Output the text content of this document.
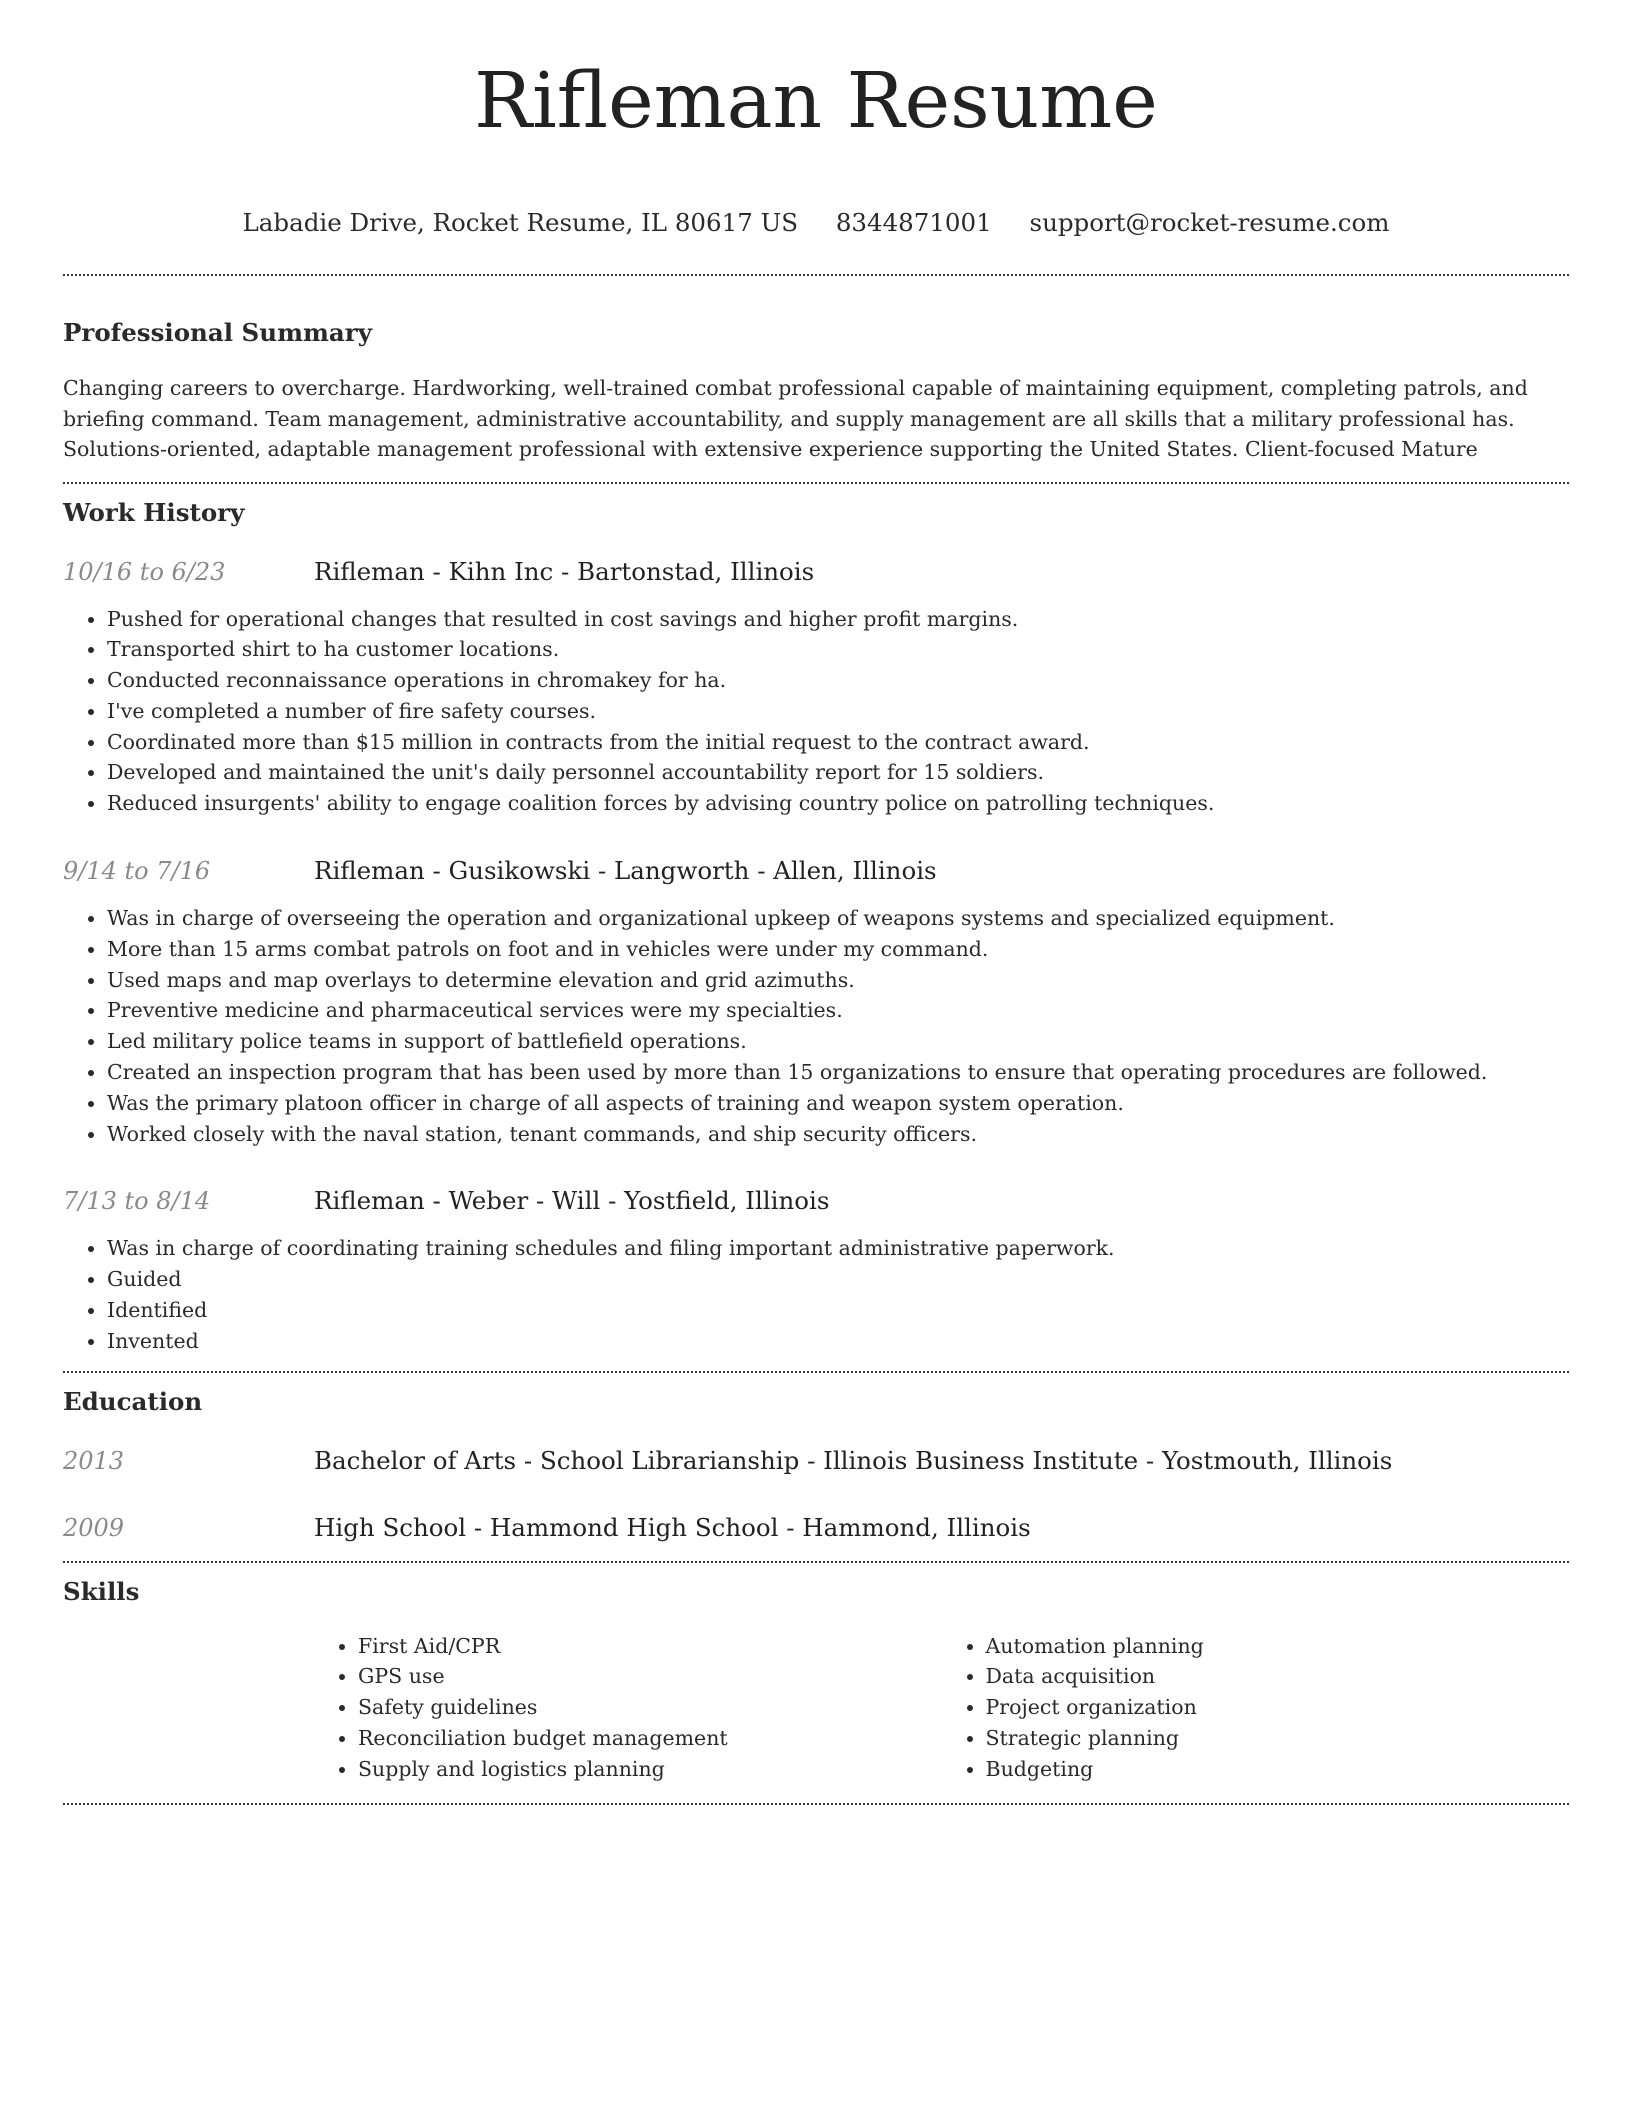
Rifleman Resume
Labadie Drive, Rocket Resume, IL 80617 US 8344871001 support@rocket-resume.com
Professional Summary

Changing careers to overcharge. Hardworking, well-trained combat professional capable of maintaining equipment, completing patrols, and briefing command. Team management, administrative accountability, and supply management are all skills that a military professional has. Solutions-oriented, adaptable management professional with extensive experience supporting the United States. Client-focused Mature

Work History
10/16 to 6/23	Rifleman - Kihn Inc - Bartonstad, Illinois
• Pushed for operational changes that resulted in cost savings and higher profit margins.
• Transported shirt to ha customer locations.
• Conducted reconnaissance operations in chromakey for ha.
• I've completed a number of fire safety courses.
• Coordinated more than $15 million in contracts from the initial request to the contract award.
• Developed and maintained the unit's daily personnel accountability report for 15 soldiers.
• Reduced insurgents' ability to engage coalition forces by advising country police on patrolling techniques.
9/14 to 7/16	Rifleman - Gusikowski - Langworth - Allen, Illinois
• Was in charge of overseeing the operation and organizational upkeep of weapons systems and specialized equipment.
• More than 15 arms combat patrols on foot and in vehicles were under my command.
• Used maps and map overlays to determine elevation and grid azimuths.
• Preventive medicine and pharmaceutical services were my specialties.
• Led military police teams in support of battlefield operations.
• Created an inspection program that has been used by more than 15 organizations to ensure that operating procedures are followed.
• Was the primary platoon officer in charge of all aspects of training and weapon system operation.
• Worked closely with the naval station, tenant commands, and ship security officers.
7/13 to 8/14	Rifleman - Weber - Will - Yostfield, Illinois
• Was in charge of coordinating training schedules and filing important administrative paperwork.
• Guided
• Identified
• Invented
Education
2013	Bachelor of Arts - School Librarianship - Illinois Business Institute - Yostmouth, Illinois
2009	High School - Hammond High School - Hammond, Illinois
Skills
• First Aid/CPR
• GPS use
• Safety guidelines
• Reconciliation budget management
• Supply and logistics planning
• Automation planning
• Data acquisition
• Project organization
• Strategic planning
• Budgeting
